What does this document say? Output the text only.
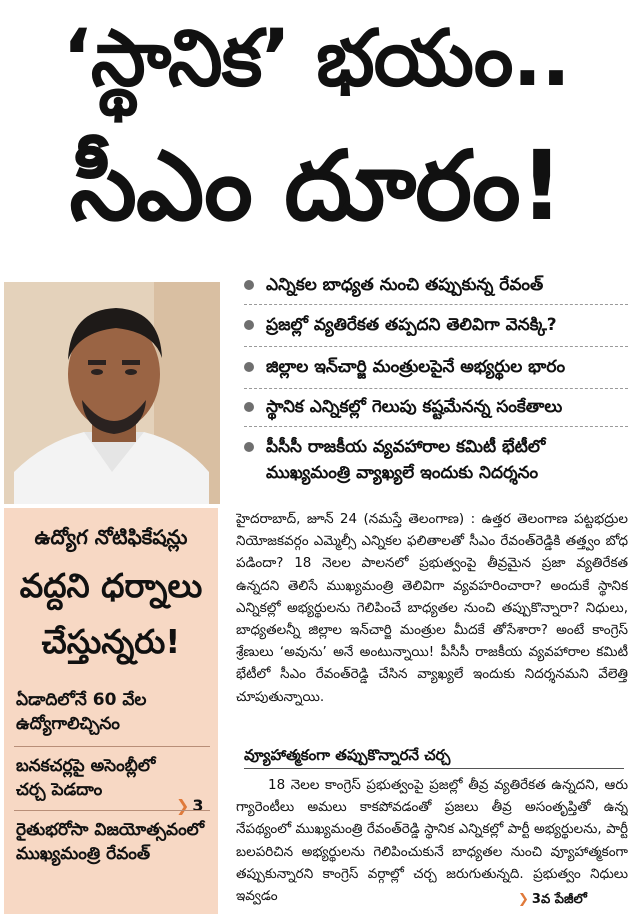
‘స్థానిక’ భయం..
సీఎం దూరం!
ఉద్యోగ నోటిఫికేషన్లు
వద్దని ధర్నాలు
చేస్తున్నరు!
ఏడాదిలోనే 60 వేల ఉద్యోగాలిచ్చినం
బనకచర్లపై అసెంబ్లీలో చర్చ పెడదాం
❯ 3
రైతుభరోసా విజయోత్సవంలో ముఖ్యమంత్రి రేవంత్
ఎన్నికల బాధ్యత నుంచి తప్పుకున్న రేవంత్
ప్రజల్లో వ్యతిరేకత తప్పదని తెలివిగా వెనక్కి?
జిల్లాల ఇన్‌చార్జి మంత్రులపైనే అభ్యర్థుల భారం
స్థానిక ఎన్నికల్లో గెలుపు కష్టమేనన్న సంకేతాలు
పీసీసీ రాజకీయ వ్యవహారాల కమిటీ భేటీలో ముఖ్యమంత్రి వ్యాఖ్యలే ఇందుకు నిదర్శనం
హైదరాబాద్, జూన్ 24 (నమస్తే తెలంగాణ) : ఉత్తర తెలంగాణ పట్టభద్రుల నియోజకవర్గం ఎమ్మెల్సీ ఎన్నికల ఫలితాలతో సీఎం రేవంత్‌రెడ్డికి తత్త్వం బోధ పడిందా? 18 నెలల పాలనలో ప్రభుత్వంపై తీవ్రమైన ప్రజా వ్యతిరేకత ఉన్నదని తెలిసే ముఖ్యమంత్రి తెలివిగా వ్యవహరించారా? అందుకే స్థానిక ఎన్నికల్లో అభ్యర్థులను గెలిపించే బాధ్యతల నుంచి తప్పుకొన్నారా? నిధులు, బాధ్యతలన్నీ జిల్లాల ఇన్‌చార్జి మంత్రుల మీదకే తోసేశారా? అంటే కాంగ్రెస్ శ్రేణులు ‘అవును’ అనే అంటున్నాయి! పీసీసీ రాజకీయ వ్యవహారాల కమిటీ భేటీలో సీఎం రేవంత్‌రెడ్డి చేసిన వ్యాఖ్యలే ఇందుకు నిదర్శనమని వేలెత్తి చూపుతున్నాయి.
వ్యూహాత్మకంగా తప్పుకొన్నారనే చర్చ
18 నెలల కాంగ్రెస్ ప్రభుత్వంపై ప్రజల్లో తీవ్ర వ్యతిరేకత ఉన్నదని, ఆరు గ్యారెంటీలు అమలు కాకపోవడంతో ప్రజలు తీవ్ర అసంతృప్తితో ఉన్న నేపథ్యంలో ముఖ్యమంత్రి రేవంత్‌రెడ్డి స్థానిక ఎన్నికల్లో పార్టీ అభ్యర్థులను, పార్టీ బలపరిచిన అభ్యర్థులను గెలిపించుకునే బాధ్యతల నుంచి వ్యూహాత్మకంగా తప్పుకున్నారని కాంగ్రెస్ వర్గాల్లో చర్చ జరుగుతున్నది. ప్రభుత్వం నిధులు ఇవ్వడం	❯ 3వ పేజీలో
